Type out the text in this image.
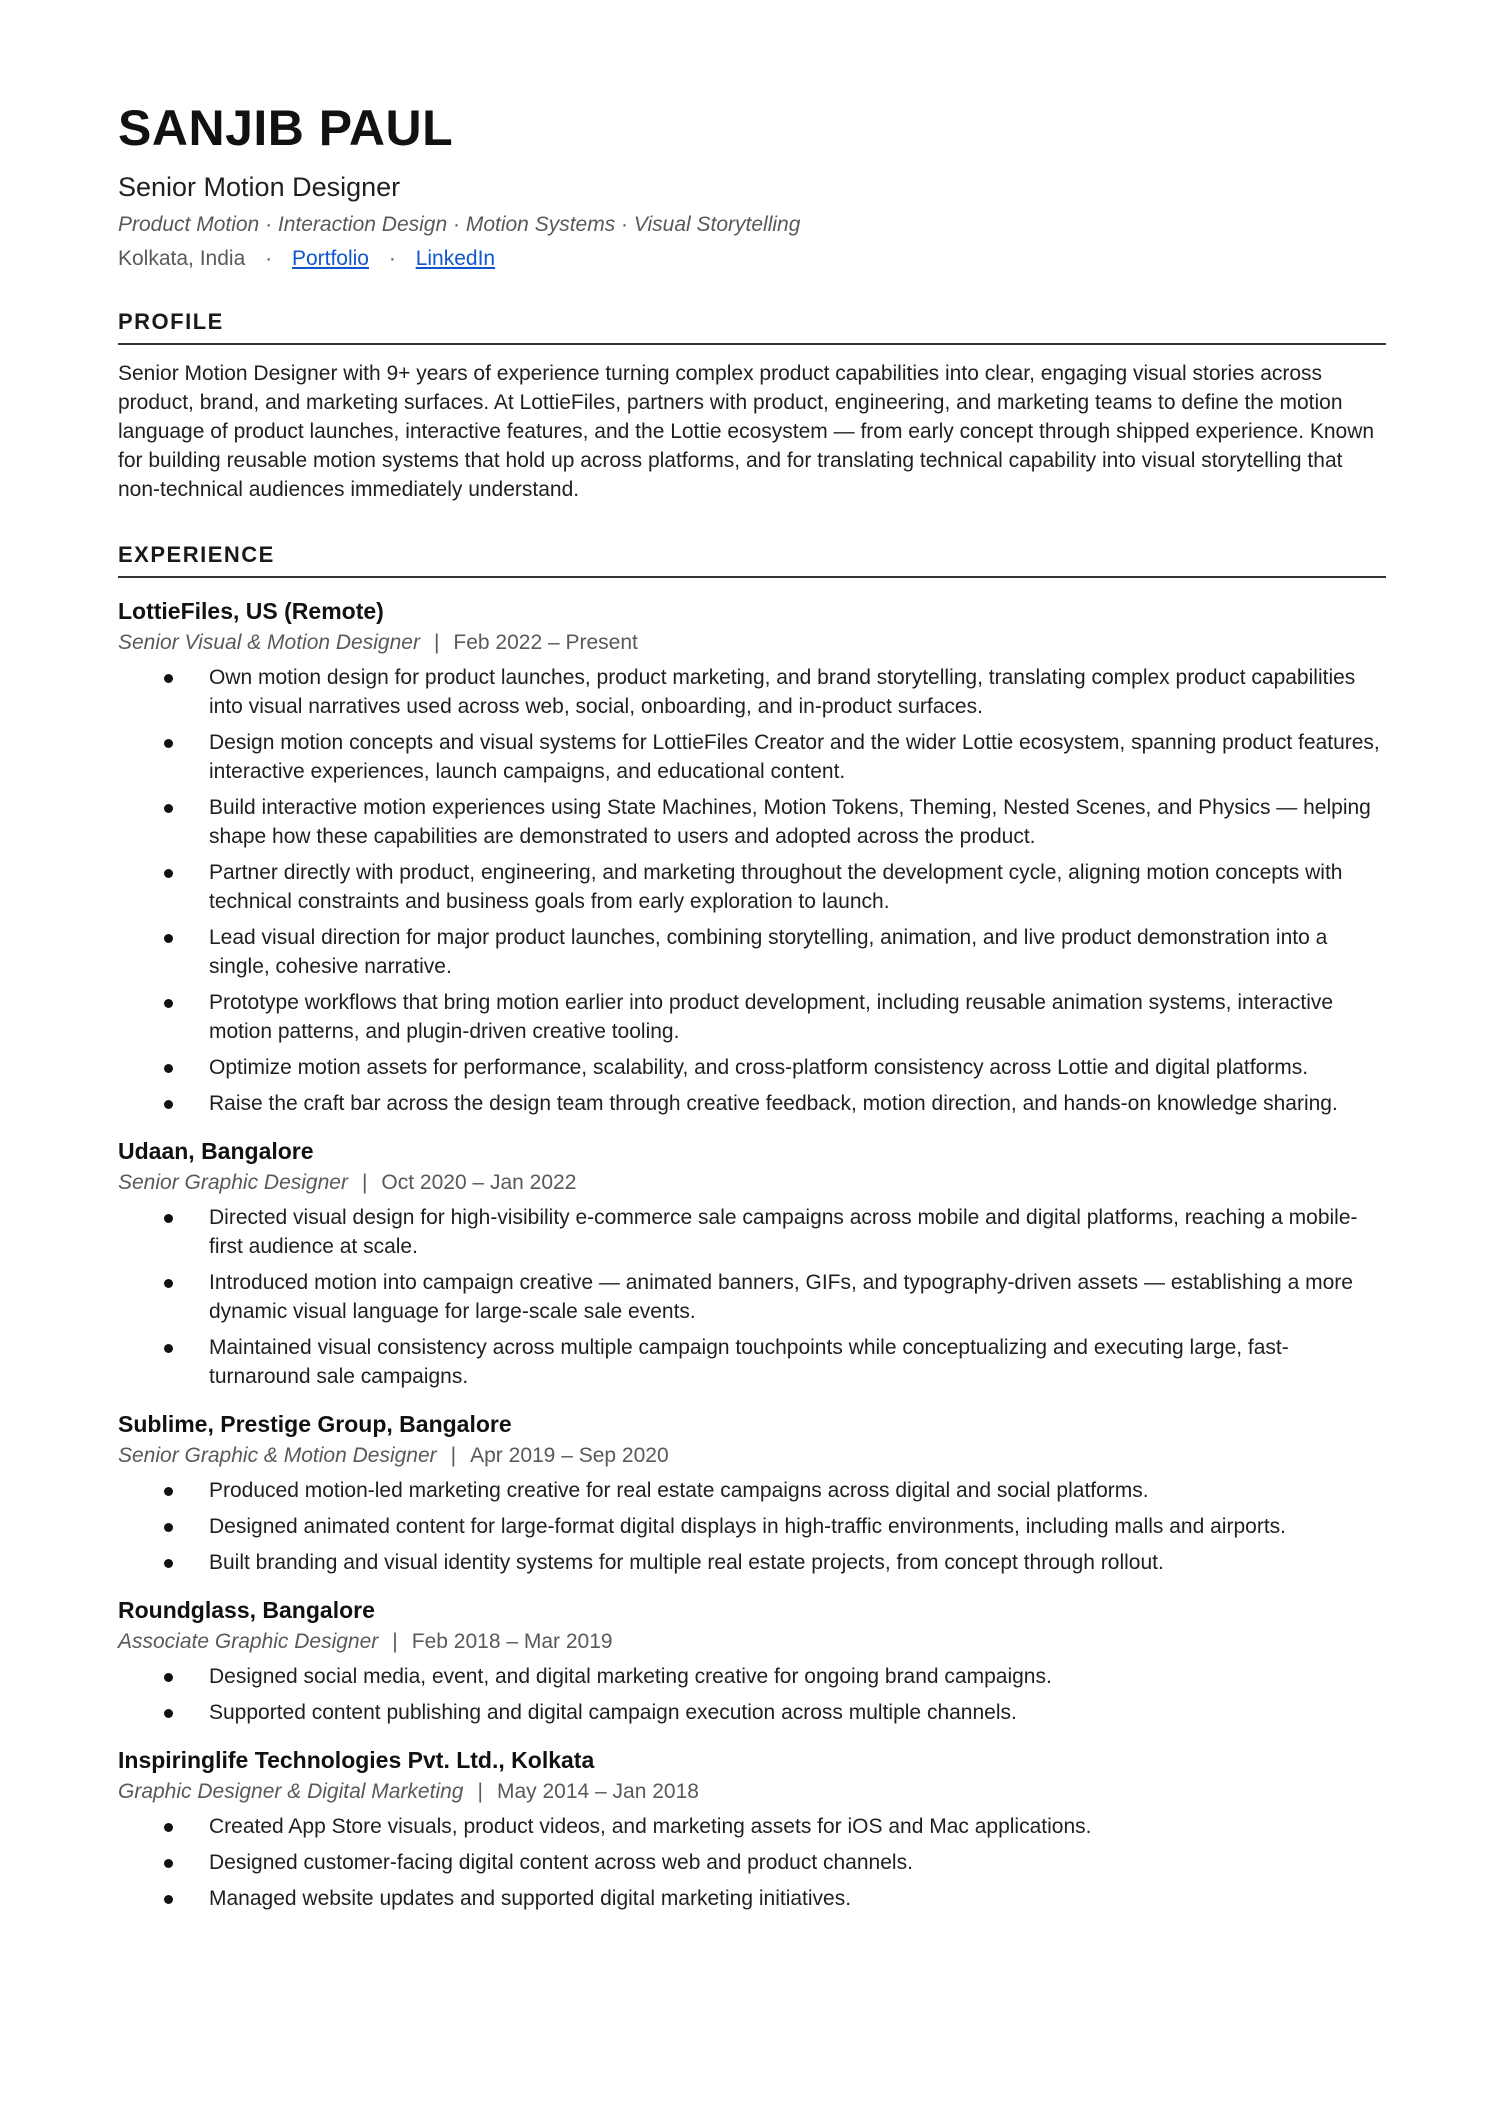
SANJIB PAUL
Senior Motion Designer
Product Motion · Interaction Design · Motion Systems · Visual Storytelling
Kolkata, India · Portfolio · LinkedIn
PROFILE
Senior Motion Designer with 9+ years of experience turning complex product capabilities into clear, engaging visual stories across product, brand, and marketing surfaces. At LottieFiles, partners with product, engineering, and marketing teams to define the motion language of product launches, interactive features, and the Lottie ecosystem — from early concept through shipped experience. Known for building reusable motion systems that hold up across platforms, and for translating technical capability into visual storytelling that non-technical audiences immediately understand.
EXPERIENCE
LottieFiles, US (Remote)
Senior Visual & Motion Designer | Feb 2022 – Present
Own motion design for product launches, product marketing, and brand storytelling, translating complex product capabilities into visual narratives used across web, social, onboarding, and in-product surfaces.
Design motion concepts and visual systems for LottieFiles Creator and the wider Lottie ecosystem, spanning product features, interactive experiences, launch campaigns, and educational content.
Build interactive motion experiences using State Machines, Motion Tokens, Theming, Nested Scenes, and Physics — helping shape how these capabilities are demonstrated to users and adopted across the product.
Partner directly with product, engineering, and marketing throughout the development cycle, aligning motion concepts with technical constraints and business goals from early exploration to launch.
Lead visual direction for major product launches, combining storytelling, animation, and live product demonstration into a single, cohesive narrative.
Prototype workflows that bring motion earlier into product development, including reusable animation systems, interactive motion patterns, and plugin-driven creative tooling.
Optimize motion assets for performance, scalability, and cross-platform consistency across Lottie and digital platforms.
Raise the craft bar across the design team through creative feedback, motion direction, and hands-on knowledge sharing.
Udaan, Bangalore
Senior Graphic Designer | Oct 2020 – Jan 2022
Directed visual design for high-visibility e-commerce sale campaigns across mobile and digital platforms, reaching a mobile-first audience at scale.
Introduced motion into campaign creative — animated banners, GIFs, and typography-driven assets — establishing a more dynamic visual language for large-scale sale events.
Maintained visual consistency across multiple campaign touchpoints while conceptualizing and executing large, fast-turnaround sale campaigns.
Sublime, Prestige Group, Bangalore
Senior Graphic & Motion Designer | Apr 2019 – Sep 2020
Produced motion-led marketing creative for real estate campaigns across digital and social platforms.
Designed animated content for large-format digital displays in high-traffic environments, including malls and airports.
Built branding and visual identity systems for multiple real estate projects, from concept through rollout.
Roundglass, Bangalore
Associate Graphic Designer | Feb 2018 – Mar 2019
Designed social media, event, and digital marketing creative for ongoing brand campaigns.
Supported content publishing and digital campaign execution across multiple channels.
Inspiringlife Technologies Pvt. Ltd., Kolkata
Graphic Designer & Digital Marketing | May 2014 – Jan 2018
Created App Store visuals, product videos, and marketing assets for iOS and Mac applications.
Designed customer-facing digital content across web and product channels.
Managed website updates and supported digital marketing initiatives.
